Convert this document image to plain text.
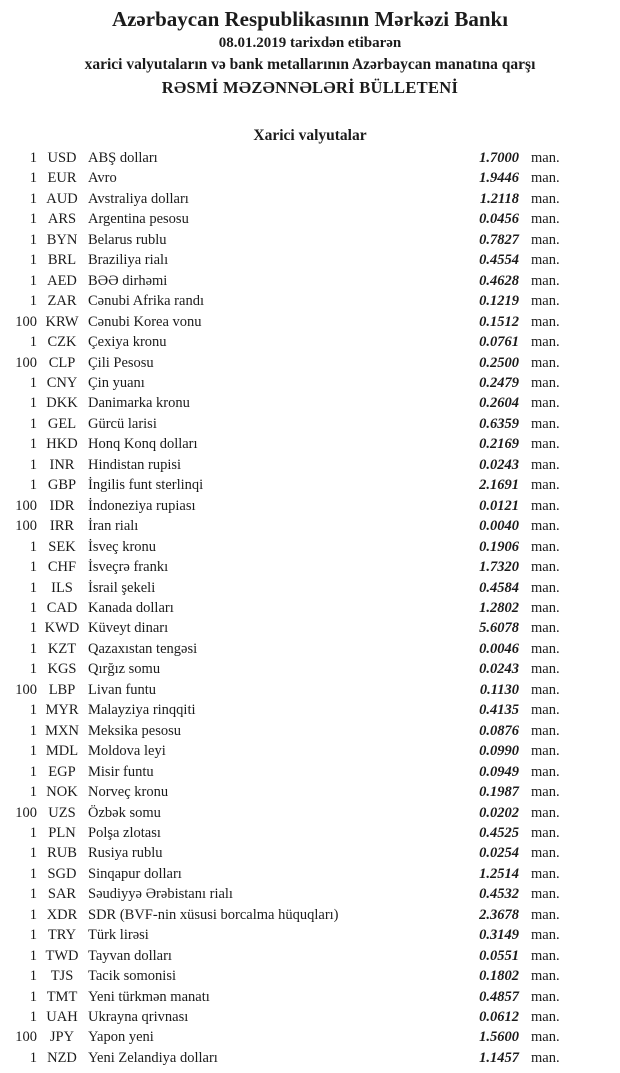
Azərbaycan Respublikasının Mərkəzi Bankı
08.01.2019 tarixdən etibarən
xarici valyutaların və bank metallarının Azərbaycan manatına qarşı
RƏSMİ MƏZƏNNƏLƏRİ BÜLLETENİ
Xarici valyutalar
1 USD ABŞ dolları	1.7000 man.
1 EUR Avro	1.9446 man.
1 AUD Avstraliya dolları	1.2118 man.
1 ARS Argentina pesosu	0.0456 man.
1 BYN Belarus rublu	0.7827 man.
1 BRL Braziliya rialı	0.4554 man.
1 AED BƏƏ dirhəmi	0.4628 man.
1 ZAR Cənubi Afrika randı	0.1219 man.
100 KRW Cənubi Korea vonu	0.1512 man.
1 CZK Çexiya kronu	0.0761 man.
100 CLP Çili Pesosu	0.2500 man.
1 CNY Çin yuanı	0.2479 man.
1 DKK Danimarka kronu	0.2604 man.
1 GEL Gürcü larisi	0.6359 man.
1 HKD Honq Konq dolları	0.2169 man.
1 INR Hindistan rupisi	0.0243 man.
1 GBP İngilis funt sterlinqi	2.1691 man.
100 IDR İndoneziya rupiası	0.0121 man.
100 IRR İran rialı	0.0040 man.
1 SEK İsveç kronu	0.1906 man.
1 CHF İsveçrə frankı	1.7320 man.
1 ILS	İsrail şekeli	0.4584 man.
1 CAD Kanada dolları	1.2802 man.
1 KWD Küveyt dinarı	5.6078 man.
1 KZT Qazaxıstan tengəsi	0.0046 man.
1 KGS Qırğız somu	0.0243 man.
100 LBP Livan funtu	0.1130 man.
1 MYR Malayziya rinqqiti	0.4135 man.
1 MXN Meksika pesosu	0.0876 man.
1 MDL Moldova leyi	0.0990 man.
1 EGP Misir funtu	0.0949 man.
1 NOK Norveç kronu	0.1987 man.
100 UZS Özbək somu	0.0202 man.
1 PLN Polşa zlotası	0.4525 man.
1 RUB Rusiya rublu	0.0254 man.
1 SGD Sinqapur dolları	1.2514 man.
1 SAR Səudiyyə Ərəbistanı rialı	0.4532 man.
1 XDR SDR (BVF-nin xüsusi borcalma hüquqları)	2.3678 man.
1 TRY Türk lirəsi	0.3149 man.
1 TWD Tayvan dolları	0.0551 man.
1 TJS	Tacik somonisi	0.1802 man.
1 TMT Yeni türkmən manatı	0.4857 man.
1 UAH Ukrayna qrivnası	0.0612 man.
100 JPY Yapon yeni	1.5600 man.
1 NZD Yeni Zelandiya dolları	1.1457 man.
